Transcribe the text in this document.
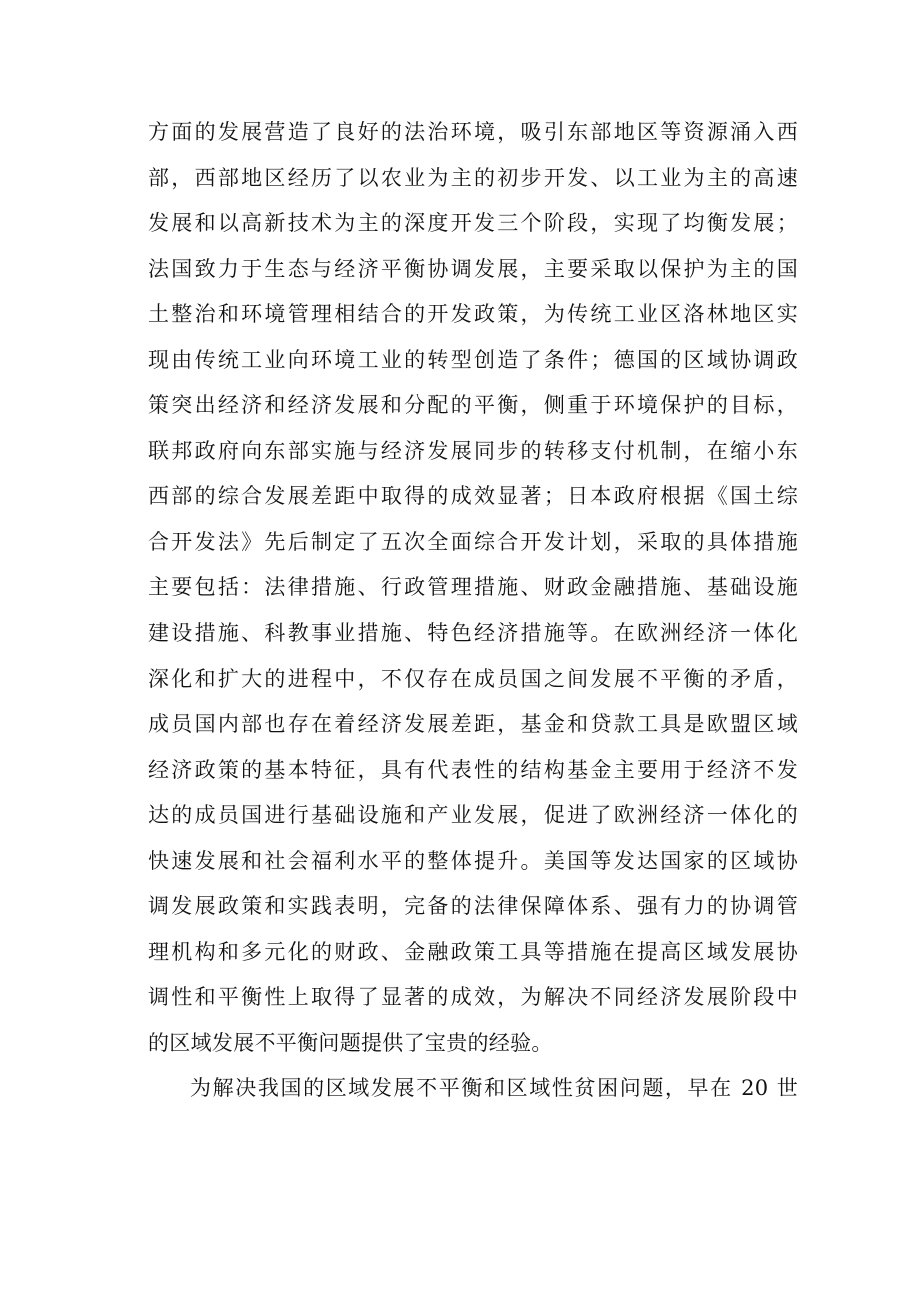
方面的发展营造了良好的法治环境，吸引东部地区等资源涌入西
部，西部地区经历了以农业为主的初步开发、以工业为主的高速
发展和以高新技术为主的深度开发三个阶段，实现了均衡发展；
法国致力于生态与经济平衡协调发展，主要采取以保护为主的国
土整治和环境管理相结合的开发政策，为传统工业区洛林地区实
现由传统工业向环境工业的转型创造了条件；德国的区域协调政
策突出经济和经济发展和分配的平衡，侧重于环境保护的目标，
联邦政府向东部实施与经济发展同步的转移支付机制，在缩小东
西部的综合发展差距中取得的成效显著；日本政府根据《国土综
合开发法》先后制定了五次全面综合开发计划，采取的具体措施
主要包括：法律措施、行政管理措施、财政金融措施、基础设施
建设措施、科教事业措施、特色经济措施等。在欧洲经济一体化
深化和扩大的进程中，不仅存在成员国之间发展不平衡的矛盾，
成员国内部也存在着经济发展差距，基金和贷款工具是欧盟区域
经济政策的基本特征，具有代表性的结构基金主要用于经济不发
达的成员国进行基础设施和产业发展，促进了欧洲经济一体化的
快速发展和社会福利水平的整体提升。美国等发达国家的区域协
调发展政策和实践表明，完备的法律保障体系、强有力的协调管
理机构和多元化的财政、金融政策工具等措施在提高区域发展协
调性和平衡性上取得了显著的成效，为解决不同经济发展阶段中
的区域发展不平衡问题提供了宝贵的经验。
为解决我国的区域发展不平衡和区域性贫困问题，早在 20 世
